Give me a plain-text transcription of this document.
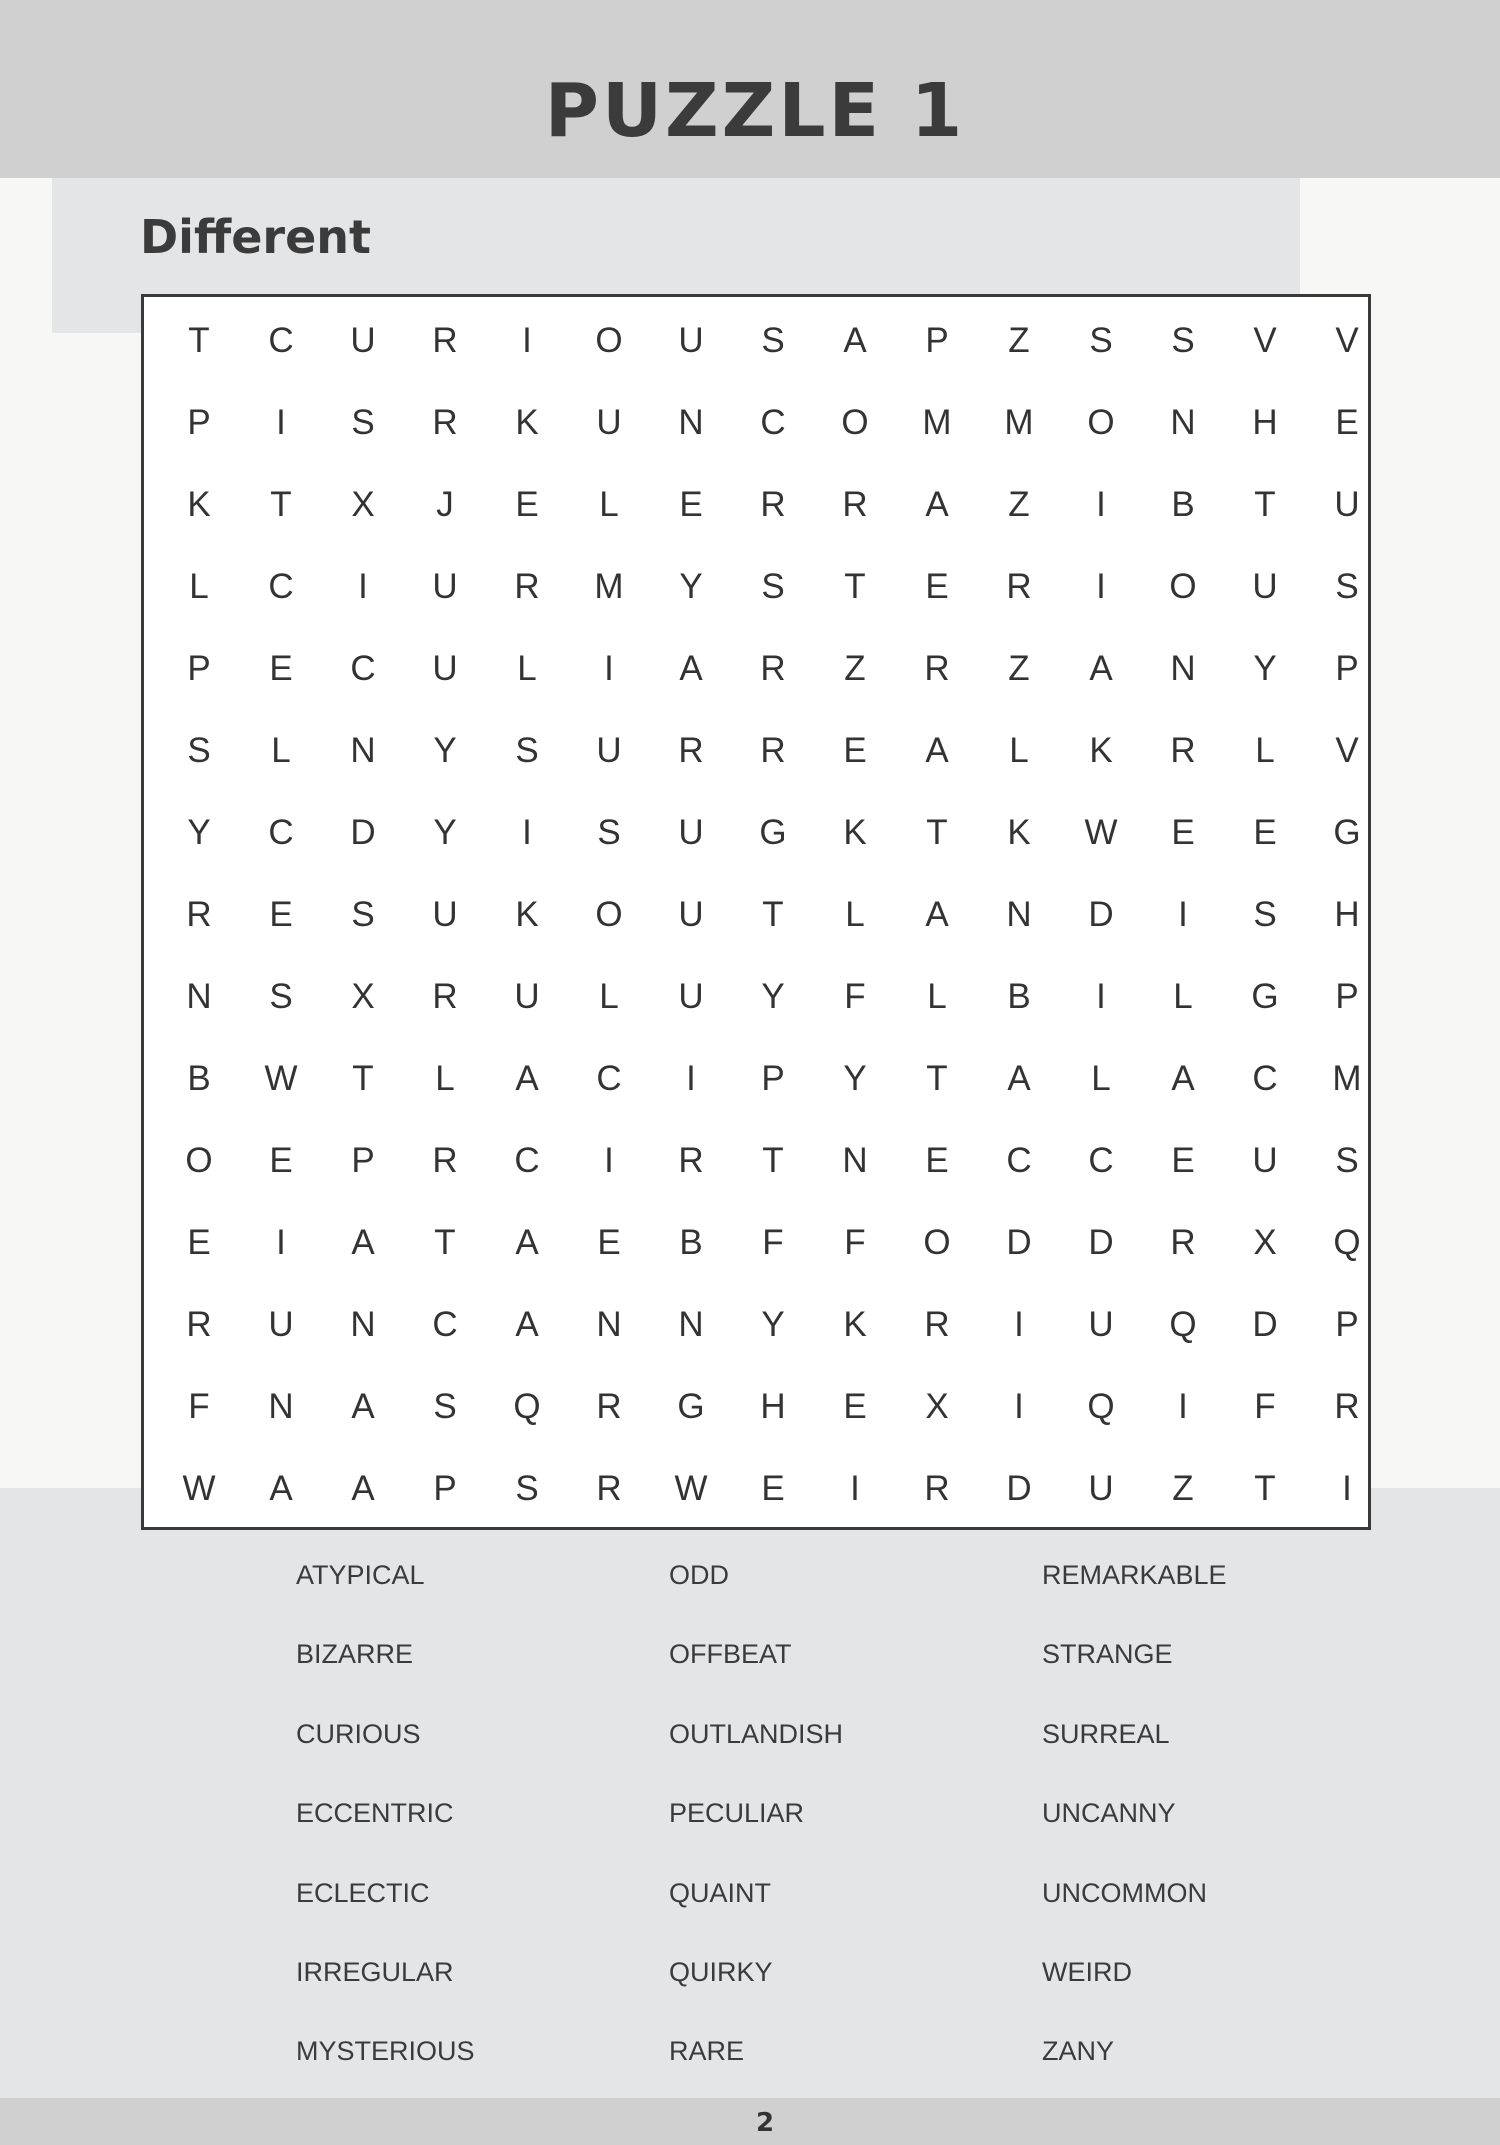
PUZZLE 1
Different
T	C	U	R	I	O	U	S	A	P	Z	S	S	V	V
P	I	S	R	K	U	N	C	O	M	M	O	N	H	E
K	T	X	J	E	L	E	R	R	A	Z	I	B	T	U
L	C	I	U	R	M	Y	S	T	E	R	I	O	U	S
P	E	C	U	L	I	A	R	Z	R	Z	A	N	Y	P
S	L	N	Y	S	U	R	R	E	A	L	K	R	L	V
Y	C	D	Y	I	S	U	G	K	T	K	W	E	E	G
R	E	S	U	K	O	U	T	L	A	N	D	I	S	H
N	S	X	R	U	L	U	Y	F	L	B	I	L	G	P
B	W	T	L	A	C	I	P	Y	T	A	L	A	C	M
O	E	P	R	C	I	R	T	N	E	C	C	E	U	S
E	I	A	T	A	E	B	F	F	O	D	D	R	X	Q
R	U	N	C	A	N	N	Y	K	R	I	U	Q	D	P
F	N	A	S	Q	R	G	H	E	X	I	Q	I	F	R
W	A	A	P	S	R	W	E	I	R	D	U	Z	T	I
ATYPICAL	ODD	REMARKABLE
BIZARRE	OFFBEAT	STRANGE
CURIOUS	OUTLANDISH	SURREAL
ECCENTRIC	PECULIAR	UNCANNY
ECLECTIC	QUAINT	UNCOMMON
IRREGULAR	QUIRKY	WEIRD
MYSTERIOUS	RARE	ZANY
2
